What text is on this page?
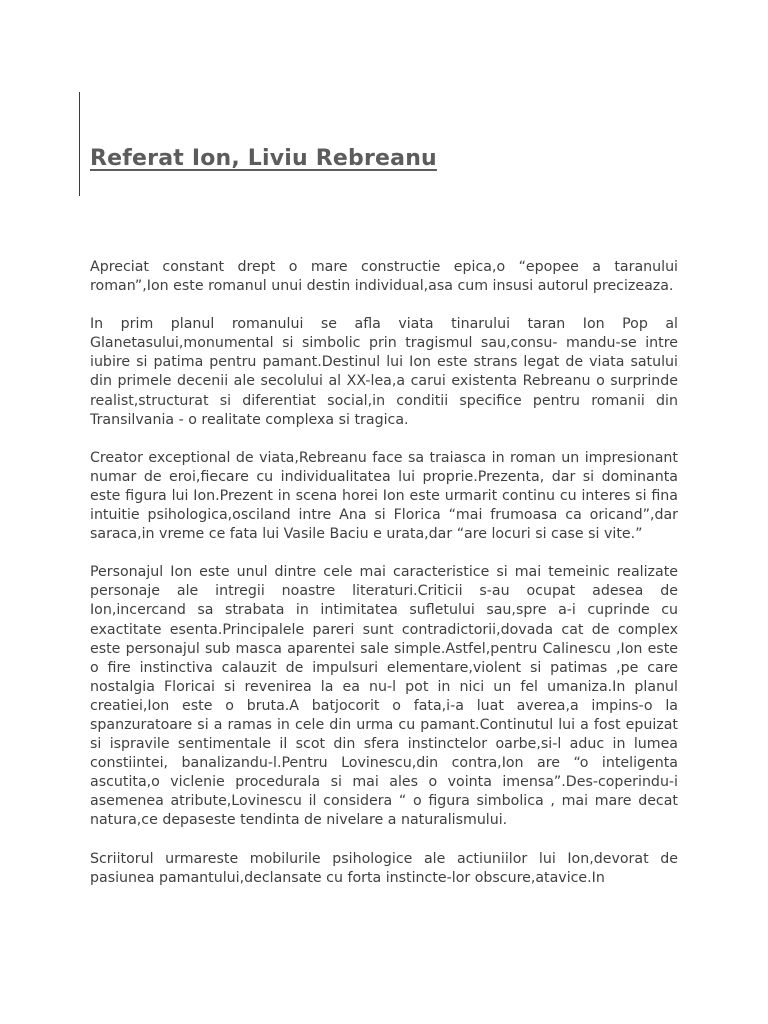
Referat Ion, Liviu Rebreanu

Apreciat constant drept o mare constructie epica,o “epopee a taranului roman”,Ion este romanul unui destin individual,asa cum insusi autorul precizeaza.

In prim planul romanului se afla viata tinarului taran Ion Pop al Glanetasului,monumental si simbolic prin tragismul sau,consu- mandu-se intre iubire si patima pentru pamant.Destinul lui Ion este strans legat de viata satului din primele decenii ale secolului al XX-lea,a carui existenta Rebreanu o surprinde realist,structurat si diferentiat social,in conditii specifice pentru romanii din Transilvania - o realitate complexa si tragica.

Creator exceptional de viata,Rebreanu face sa traiasca in roman un impresionant numar de eroi,fiecare cu individualitatea lui proprie.Prezenta, dar si dominanta este figura lui Ion.Prezent in scena horei Ion este urmarit continu cu interes si fina intuitie psihologica,osciland intre Ana si Florica “mai frumoasa ca oricand”,dar saraca,in vreme ce fata lui Vasile Baciu e urata,dar “are locuri si case si vite.”

Personajul Ion este unul dintre cele mai caracteristice si mai temeinic realizate personaje ale intregii noastre literaturi.Criticii s-au ocupat adesea de Ion,incercand sa strabata in intimitatea sufletului sau,spre a-i cuprinde cu exactitate esenta.Principalele pareri sunt contradictorii,dovada cat de complex este personajul sub masca aparentei sale simple.Astfel,pentru Calinescu ,Ion este o fire instinctiva calauzit de impulsuri elementare,violent si patimas ,pe care nostalgia Floricai si revenirea la ea nu-l pot in nici un fel umaniza.In planul creatiei,Ion este o bruta.A batjocorit o fata,i-a luat averea,a impins-o la spanzuratoare si a ramas in cele din urma cu pamant.Continutul lui a fost epuizat si ispravile sentimentale il scot din sfera instinctelor oarbe,si-l aduc in lumea constiintei, banalizandu-l.Pentru Lovinescu,din contra,Ion are “o inteligenta ascutita,o viclenie procedurala si mai ales o vointa imensa”.Des-coperindu-i asemenea atribute,Lovinescu il considera “ o figura simbolica , mai mare decat natura,ce depaseste tendinta de nivelare a naturalismului.

Scriitorul urmareste mobilurile psihologice ale actiuniilor lui Ion,devorat de pasiunea pamantului,declansate cu forta instincte-lor obscure,atavice.In
